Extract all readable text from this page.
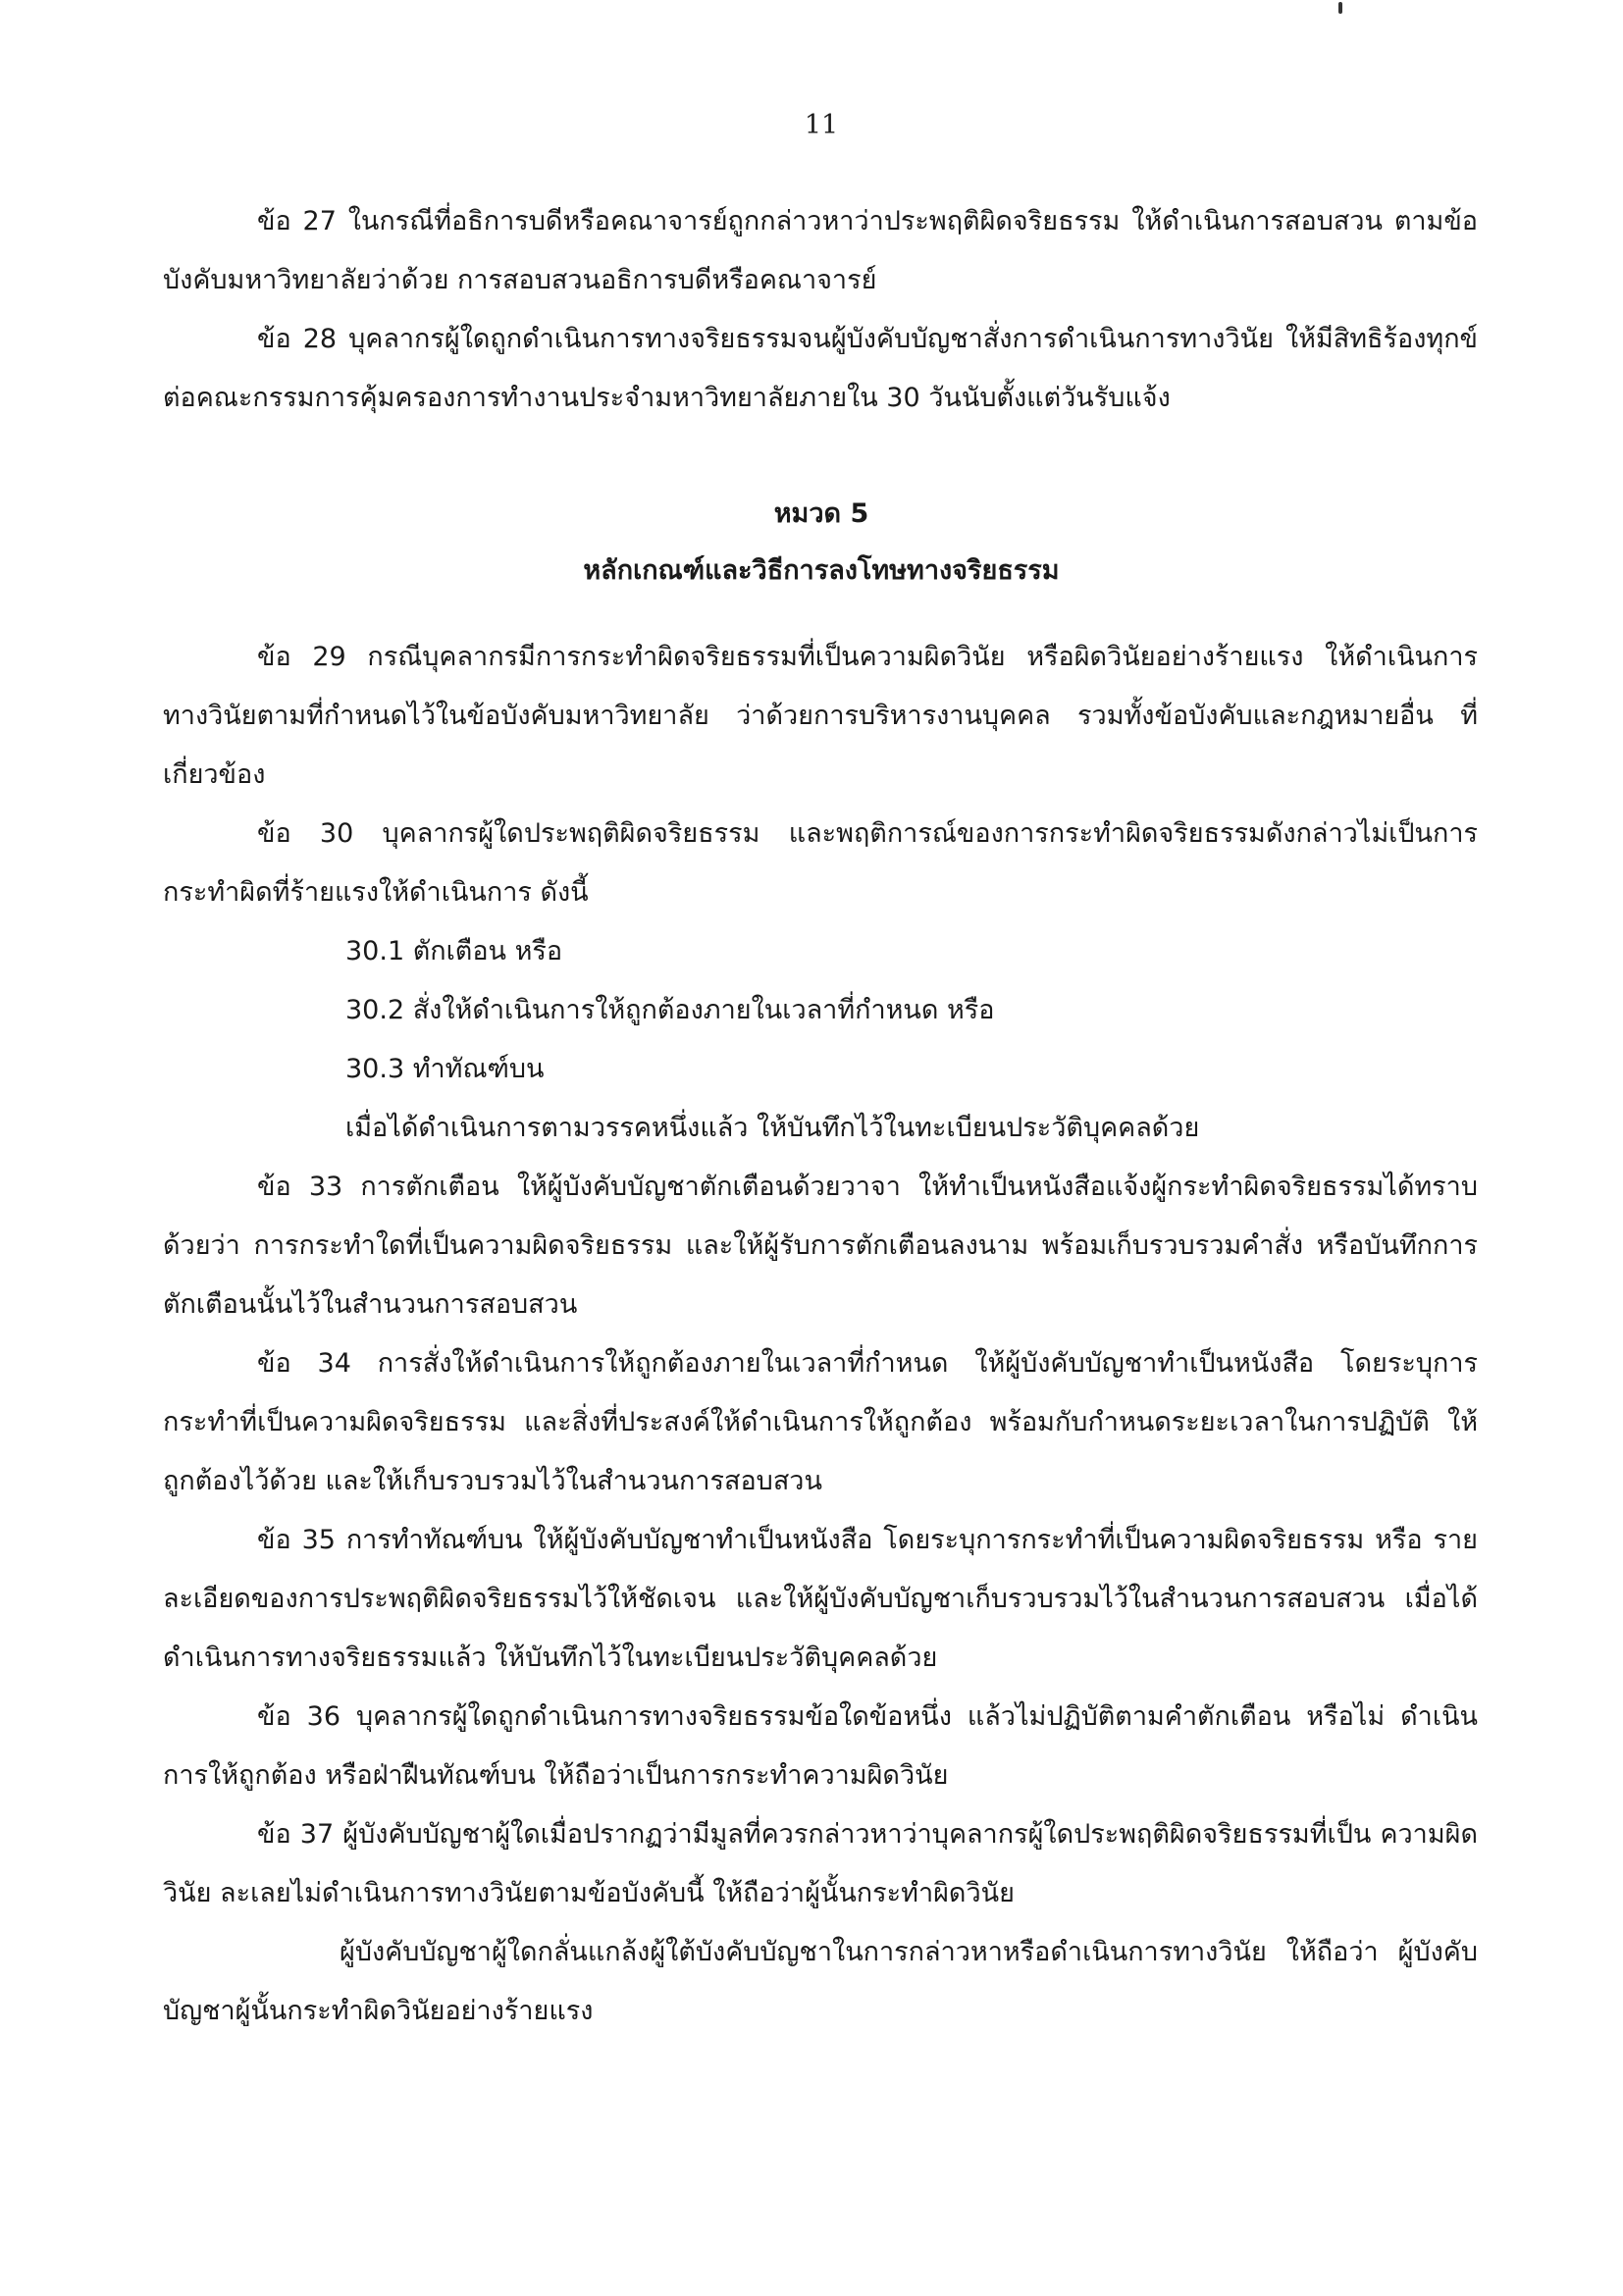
11

ข้อ 27 ในกรณีที่อธิการบดีหรือคณาจารย์ถูกกล่าวหาว่าประพฤติผิดจริยธรรม ให้ดำเนินการสอบสวน ตามข้อบังคับมหาวิทยาลัยว่าด้วย การสอบสวนอธิการบดีหรือคณาจารย์

ข้อ 28 บุคลากรผู้ใดถูกดำเนินการทางจริยธรรมจนผู้บังคับบัญชาสั่งการดำเนินการทางวินัย ให้มีสิทธิร้องทุกข์ ต่อคณะกรรมการคุ้มครองการทำงานประจำมหาวิทยาลัยภายใน 30 วันนับตั้งแต่วันรับแจ้ง

หมวด 5
หลักเกณฑ์และวิธีการลงโทษทางจริยธรรม

ข้อ 29 กรณีบุคลากรมีการกระทำผิดจริยธรรมที่เป็นความผิดวินัย หรือผิดวินัยอย่างร้ายแรง ให้ดำเนินการ ทางวินัยตามที่กำหนดไว้ในข้อบังคับมหาวิทยาลัย ว่าด้วยการบริหารงานบุคคล รวมทั้งข้อบังคับและกฎหมายอื่น ที่เกี่ยวข้อง

ข้อ 30 บุคลากรผู้ใดประพฤติผิดจริยธรรม และพฤติการณ์ของการกระทำผิดจริยธรรมดังกล่าวไม่เป็นการ กระทำผิดที่ร้ายแรงให้ดำเนินการ ดังนี้

30.1 ตักเตือน หรือ
30.2 สั่งให้ดำเนินการให้ถูกต้องภายในเวลาที่กำหนด หรือ
30.3 ทำทัณฑ์บน
เมื่อได้ดำเนินการตามวรรคหนึ่งแล้ว ให้บันทึกไว้ในทะเบียนประวัติบุคคลด้วย

ข้อ 33 การตักเตือน ให้ผู้บังคับบัญชาตักเตือนด้วยวาจา ให้ทำเป็นหนังสือแจ้งผู้กระทำผิดจริยธรรมได้ทราบ ด้วยว่า การกระทำใดที่เป็นความผิดจริยธรรม และให้ผู้รับการตักเตือนลงนาม พร้อมเก็บรวบรวมคำสั่ง หรือบันทึกการ ตักเตือนนั้นไว้ในสำนวนการสอบสวน

ข้อ 34 การสั่งให้ดำเนินการให้ถูกต้องภายในเวลาที่กำหนด ให้ผู้บังคับบัญชาทำเป็นหนังสือ โดยระบุการ กระทำที่เป็นความผิดจริยธรรม และสิ่งที่ประสงค์ให้ดำเนินการให้ถูกต้อง พร้อมกับกำหนดระยะเวลาในการปฏิบัติ ให้ถูกต้องไว้ด้วย และให้เก็บรวบรวมไว้ในสำนวนการสอบสวน

ข้อ 35 การทำทัณฑ์บน ให้ผู้บังคับบัญชาทำเป็นหนังสือ โดยระบุการกระทำที่เป็นความผิดจริยธรรม หรือ รายละเอียดของการประพฤติผิดจริยธรรมไว้ให้ชัดเจน และให้ผู้บังคับบัญชาเก็บรวบรวมไว้ในสำนวนการสอบสวน เมื่อได้ดำเนินการทางจริยธรรมแล้ว ให้บันทึกไว้ในทะเบียนประวัติบุคคลด้วย

ข้อ 36 บุคลากรผู้ใดถูกดำเนินการทางจริยธรรมข้อใดข้อหนึ่ง แล้วไม่ปฏิบัติตามคำตักเตือน หรือไม่ ดำเนินการให้ถูกต้อง หรือฝ่าฝืนทัณฑ์บน ให้ถือว่าเป็นการกระทำความผิดวินัย

ข้อ 37 ผู้บังคับบัญชาผู้ใดเมื่อปรากฏว่ามีมูลที่ควรกล่าวหาว่าบุคลากรผู้ใดประพฤติผิดจริยธรรมที่เป็น ความผิดวินัย ละเลยไม่ดำเนินการทางวินัยตามข้อบังคับนี้ ให้ถือว่าผู้นั้นกระทำผิดวินัย

ผู้บังคับบัญชาผู้ใดกลั่นแกล้งผู้ใต้บังคับบัญชาในการกล่าวหาหรือดำเนินการทางวินัย ให้ถือว่า ผู้บังคับบัญชาผู้นั้นกระทำผิดวินัยอย่างร้ายแรง
